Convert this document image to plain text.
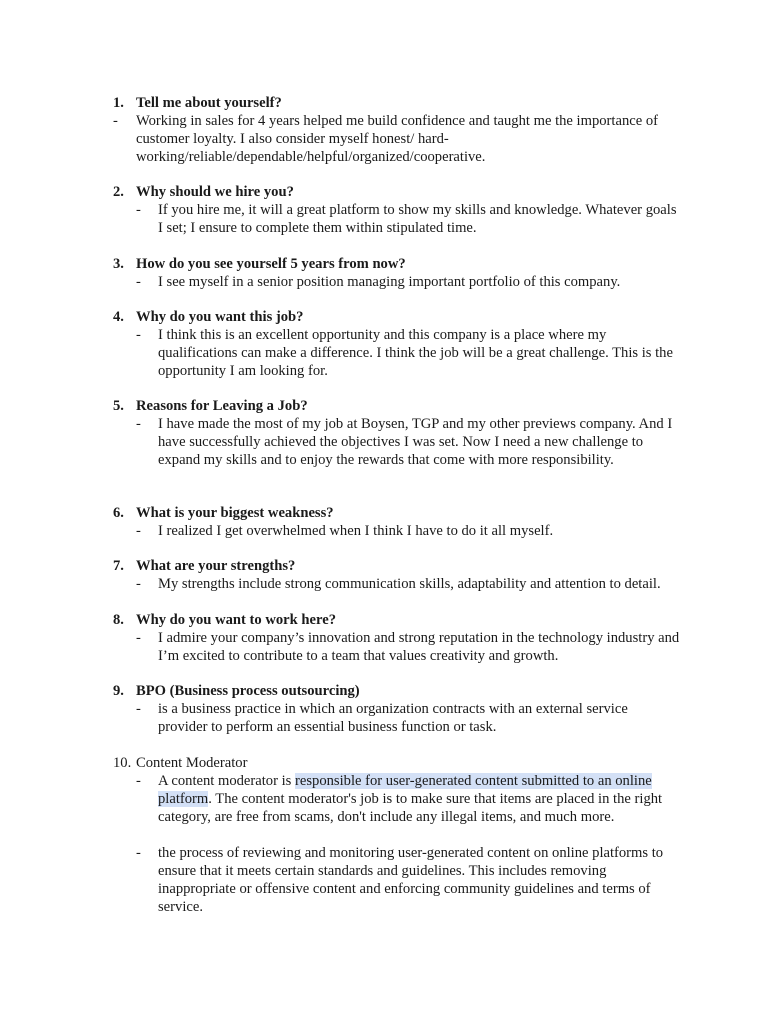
1. Tell me about yourself?
- Working in sales for 4 years helped me build confidence and taught me the importance of customer loyalty. I also consider myself honest/ hard-working/reliable/dependable/helpful/organized/cooperative.
2. Why should we hire you?
- If you hire me, it will a great platform to show my skills and knowledge. Whatever goals I set; I ensure to complete them within stipulated time.
3. How do you see yourself 5 years from now?
- I see myself in a senior position managing important portfolio of this company.
4. Why do you want this job?
- I think this is an excellent opportunity and this company is a place where my qualifications can make a difference. I think the job will be a great challenge. This is the opportunity I am looking for.
5. Reasons for Leaving a Job?
- I have made the most of my job at Boysen, TGP and my other previews company. And I have successfully achieved the objectives I was set. Now I need a new challenge to expand my skills and to enjoy the rewards that come with more responsibility.
6. What is your biggest weakness?
- I realized I get overwhelmed when I think I have to do it all myself.
7. What are your strengths?
- My strengths include strong communication skills, adaptability and attention to detail.
8. Why do you want to work here?
- I admire your company’s innovation and strong reputation in the technology industry and I’m excited to contribute to a team that values creativity and growth.
9. BPO (Business process outsourcing)
- is a business practice in which an organization contracts with an external service provider to perform an essential business function or task.
10. Content Moderator
- A content moderator is responsible for user-generated content submitted to an online platform. The content moderator's job is to make sure that items are placed in the right category, are free from scams, don't include any illegal items, and much more.
- the process of reviewing and monitoring user-generated content on online platforms to ensure that it meets certain standards and guidelines. This includes removing inappropriate or offensive content and enforcing community guidelines and terms of service.
